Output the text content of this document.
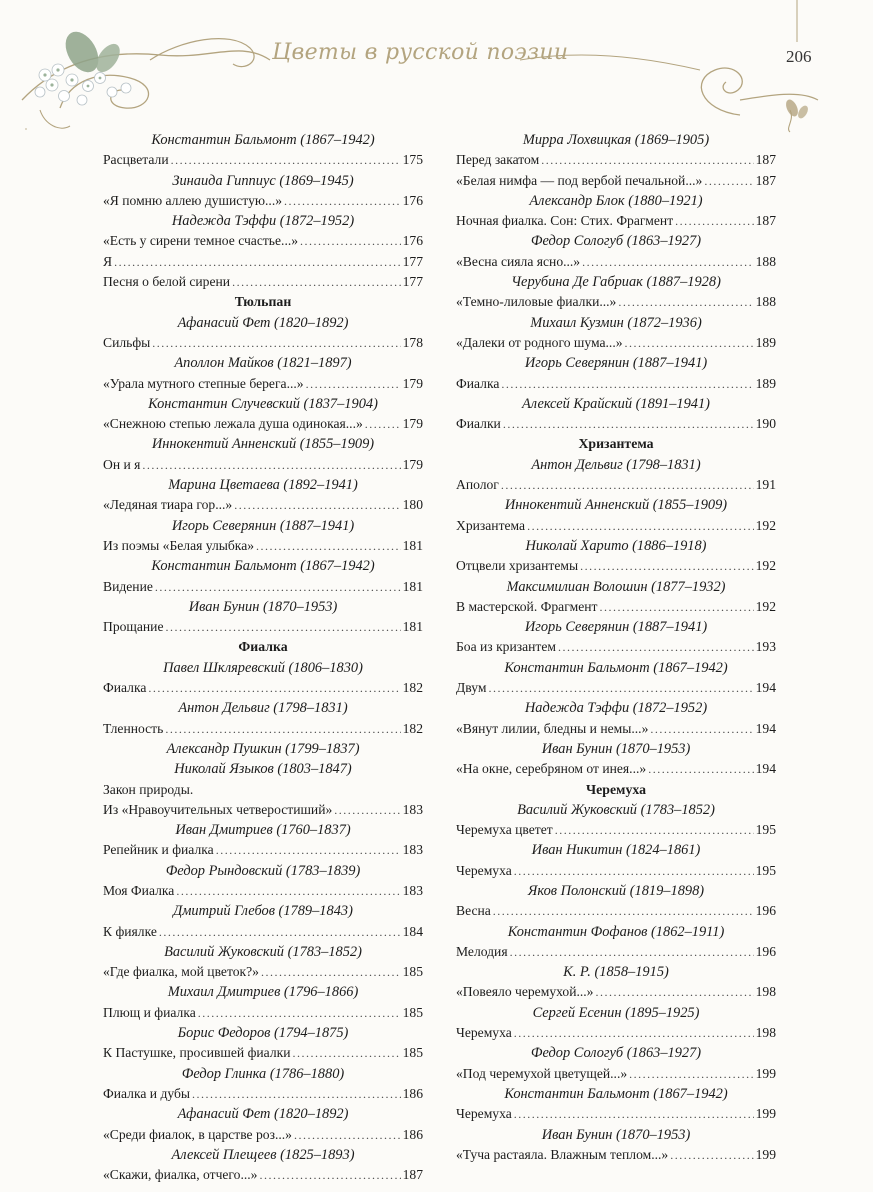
Цветы в русской поэзии	206
Константин Бальмонт (1867–1942)
Расцветали .....	175
Зинаида Гиппиус (1869–1945)
«Я помню аллею душистую...» .....	176
Надежда Тэффи (1872–1952)
«Есть у сирени темное счастье...» .....	176
Я .....	177
Песня о белой сирени .....	177
Тюльпан
Афанасий Фет (1820–1892)
Сильфы .....	178
Аполлон Майков (1821–1897)
«Урала мутного степные берега...» .....	179
Константин Случевский (1837–1904)
«Снежною степью лежала душа одинокая...» .....	179
Иннокентий Анненский (1855–1909)
Он и я .....	179
Марина Цветаева (1892–1941)
«Ледяная тиара гор...» .....	180
Игорь Северянин (1887–1941)
Из поэмы «Белая улыбка» .....	181
Константин Бальмонт (1867–1942)
Видение .....	181
Иван Бунин (1870–1953)
Прощание .....	181
Фиалка
Павел Шкляревский (1806–1830)
Фиалка .....	182
Антон Дельвиг (1798–1831)
Тленность .....	182
Александр Пушкин (1799–1837)
Николай Языков (1803–1847)
Закон природы.
Из «Нравоучительных четверостиший» .....	183
Иван Дмитриев (1760–1837)
Репейник и фиалка .....	183
Федор Рындовский (1783–1839)
Моя Фиалка .....	183
Дмитрий Глебов (1789–1843)
К фиялке .....	184
Василий Жуковский (1783–1852)
«Где фиалка, мой цветок?» .....	185
Михаил Дмитриев (1796–1866)
Плющ и фиалка .....	185
Борис Федоров (1794–1875)
К Пастушке, просившей фиалки .....	185
Федор Глинка (1786–1880)
Фиалка и дубы .....	186
Афанасий Фет (1820–1892)
«Среди фиалок, в царстве роз...» .....	186
Алексей Плещеев (1825–1893)
«Скажи, фиалка, отчего...» .....	187
Мирра Лохвицкая (1869–1905)
Перед закатом .....	187
«Белая нимфа — под вербой печальной...» .....	187
Александр Блок (1880–1921)
Ночная фиалка. Сон: Стих. Фрагмент .....	187
Федор Сологуб (1863–1927)
«Весна сияла ясно...» .....	188
Черубина Де Габриак (1887–1928)
«Темно-лиловые фиалки...» .....	188
Михаил Кузмин (1872–1936)
«Далеки от родного шума...» .....	189
Игорь Северянин (1887–1941)
Фиалка .....	189
Алексей Крайский (1891–1941)
Фиалки .....	190
Хризантема
Антон Дельвиг (1798–1831)
Аполог .....	191
Иннокентий Анненский (1855–1909)
Хризантема .....	192
Николай Харито (1886–1918)
Отцвели хризантемы .....	192
Максимилиан Волошин (1877–1932)
В мастерской. Фрагмент .....	192
Игорь Северянин (1887–1941)
Боа из кризантем .....	193
Константин Бальмонт (1867–1942)
Двум .....	194
Надежда Тэффи (1872–1952)
«Вянут лилии, бледны и немы...» .....	194
Иван Бунин (1870–1953)
«На окне, серебряном от инея...» .....	194
Черемуха
Василий Жуковский (1783–1852)
Черемуха цветет .....	195
Иван Никитин (1824–1861)
Черемуха .....	195
Яков Полонский (1819–1898)
Весна .....	196
Константин Фофанов (1862–1911)
Мелодия .....	196
К. Р. (1858–1915)
«Повеяло черемухой...» .....	198
Сергей Есенин (1895–1925)
Черемуха .....	198
Федор Сологуб (1863–1927)
«Под черемухой цветущей...» .....	199
Константин Бальмонт (1867–1942)
Черемуха .....	199
Иван Бунин (1870–1953)
«Туча растаяла. Влажным теплом...» .....	199
